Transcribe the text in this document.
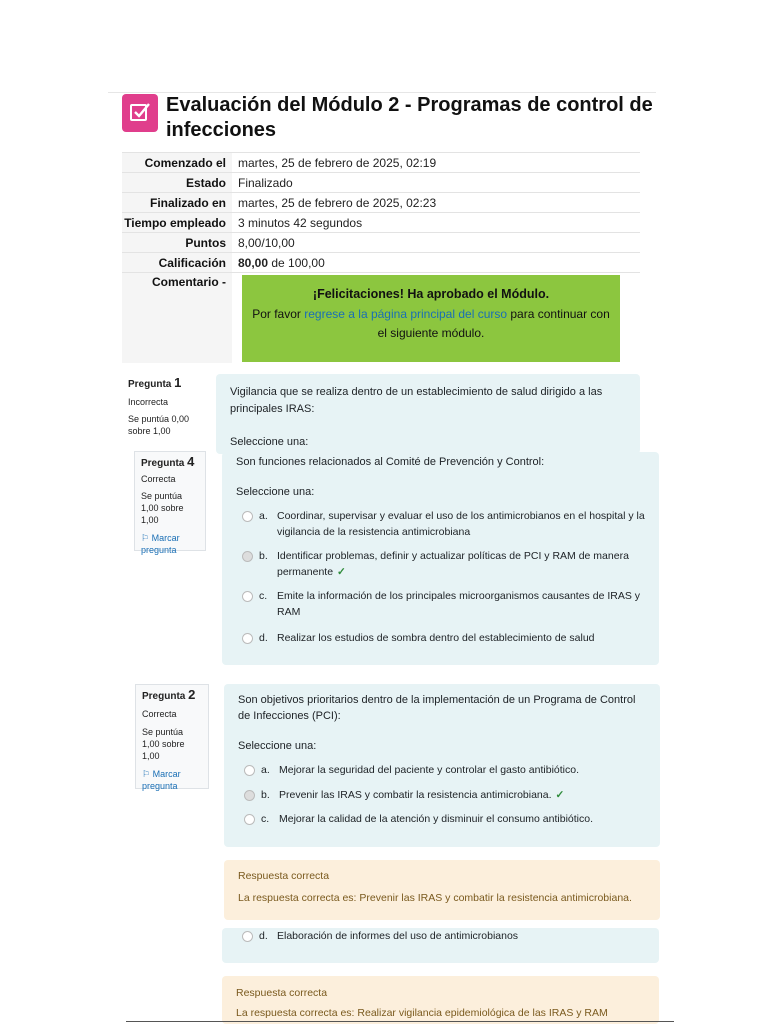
Evaluación del Módulo 2 - Programas de control de infecciones
Comenzado el	martes, 25 de febrero de 2025, 02:19
Estado	Finalizado
Finalizado en	martes, 25 de febrero de 2025, 02:23
Tiempo empleado	3 minutos 42 segundos
Puntos	8,00/10,00
Calificación	80,00 de 100,00
Comentario -	¡Felicitaciones! Ha aprobado el Módulo.
Por favor regrese a la página principal del curso para continuar con el siguiente módulo.
Pregunta 1
Incorrecta
Se puntúa 0,00 sobre 1,00
Vigilancia que se realiza dentro de un establecimiento de salud dirigido a las principales IRAS:
Seleccione una:
Pregunta 4
Correcta
Se puntúa 1,00 sobre 1,00
⚐ Marcar pregunta
Son funciones relacionados al Comité de Prevención y Control:
Seleccione una:
a. Coordinar, supervisar y evaluar el uso de los antimicrobianos en el hospital y la vigilancia de la resistencia antimicrobiana
b. Identificar problemas, definir y actualizar políticas de PCI y RAM de manera permanente ✓
c. Emite la información de los principales microorganismos causantes de IRAS y RAM
d. Realizar los estudios de sombra dentro del establecimiento de salud
Pregunta 2
Correcta
Se puntúa 1,00 sobre 1,00
⚐ Marcar pregunta
Son objetivos prioritarios dentro de la implementación de un Programa de Control de Infecciones (PCI):
Seleccione una:
a. Mejorar la seguridad del paciente y controlar el gasto antibiótico.
b. Prevenir las IRAS y combatir la resistencia antimicrobiana. ✓
c. Mejorar la calidad de la atención y disminuir el consumo antibiótico.
Respuesta correcta
La respuesta correcta es: Prevenir las IRAS y combatir la resistencia antimicrobiana.
d. Elaboración de informes del uso de antimicrobianos
Respuesta correcta
La respuesta correcta es: Realizar vigilancia epidemiológica de las IRAS y RAM
